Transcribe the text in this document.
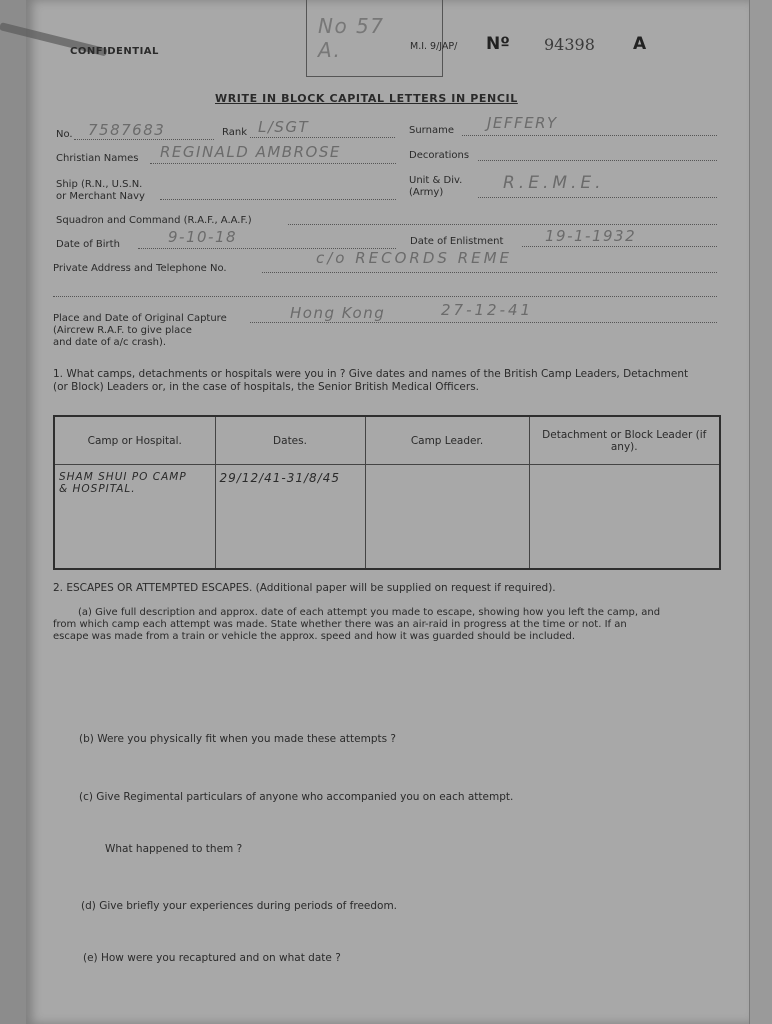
CONFIDENTIAL
No 57
A.	M.I. 9/JAP/ Nº 94398 A
WRITE IN BLOCK CAPITAL LETTERS IN PENCIL
No. 7587683	Rank L/SGT	Surname JEFFERY
Christian Names REGINALD AMBROSE	Decorations
Ship (R.N., U.S.N.
or Merchant Navy
Unit & Div.
(Army)	R.E.M.E.
Squadron and Command (R.A.F., A.A.F.)
Date of Birth	9-10-18	Date of Enlistment	19-1-1932
Private Address and Telephone No.
c/o RECORDS REME
Place and Date of Original Capture
(Aircrew R.A.F. to give place
and date of a/c crash).
Hong Kong	27-12-41
1. What camps, detachments or hospitals were you in ? Give dates and names of the British Camp Leaders, Detachment
(or Block) Leaders or, in the case of hospitals, the Senior British Medical Officers.
Camp or Hospital.	Dates.	Camp Leader.	Detachment or Block Leader (if any).
SHAM SHUI PO CAMP
& HOSPITAL.	29/12/41-31/8/45		
2. ESCAPES OR ATTEMPTED ESCAPES. (Additional paper will be supplied on request if required).
(a) Give full description and approx. date of each attempt you made to escape, showing how you left the camp, and
from which camp each attempt was made. State whether there was an air-raid in progress at the time or not. If an
escape was made from a train or vehicle the approx. speed and how it was guarded should be included.
(b) Were you physically fit when you made these attempts ?
(c) Give Regimental particulars of anyone who accompanied you on each attempt.
What happened to them ?
(d) Give briefly your experiences during periods of freedom.
(e) How were you recaptured and on what date ?
